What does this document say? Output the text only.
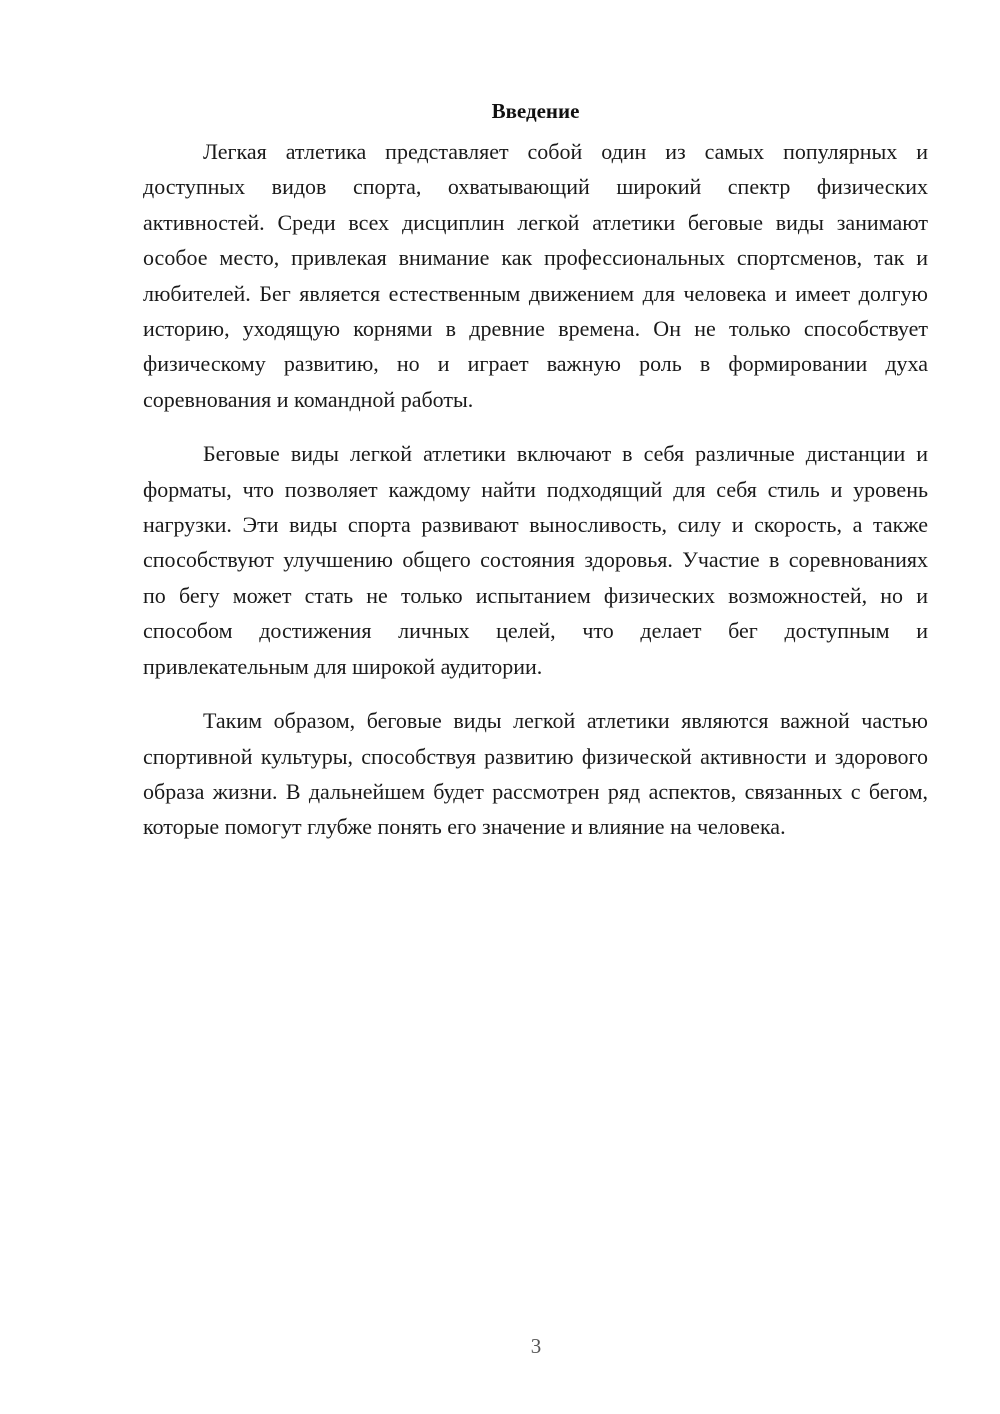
Введение

Легкая атлетика представляет собой один из самых популярных и доступных видов спорта, охватывающий широкий спектр физических активностей. Среди всех дисциплин легкой атлетики беговые виды занимают особое место, привлекая внимание как профессиональных спортсменов, так и любителей. Бег является естественным движением для человека и имеет долгую историю, уходящую корнями в древние времена. Он не только способствует физическому развитию, но и играет важную роль в формировании духа соревнования и командной работы.

Беговые виды легкой атлетики включают в себя различные дистанции и форматы, что позволяет каждому найти подходящий для себя стиль и уровень нагрузки. Эти виды спорта развивают выносливость, силу и скорость, а также способствуют улучшению общего состояния здоровья. Участие в соревнованиях по бегу может стать не только испытанием физических возможностей, но и способом достижения личных целей, что делает бег доступным и привлекательным для широкой аудитории.

Таким образом, беговые виды легкой атлетики являются важной частью спортивной культуры, способствуя развитию физической активности и здорового образа жизни. В дальнейшем будет рассмотрен ряд аспектов, связанных с бегом, которые помогут глубже понять его значение и влияние на человека.

3
